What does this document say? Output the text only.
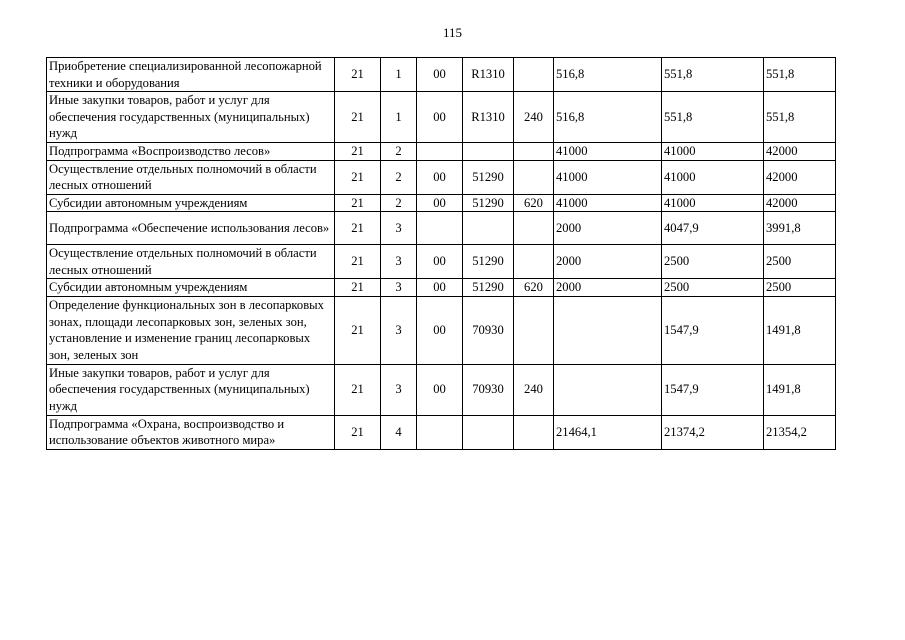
115
Приобретение специализированной лесопожарной техники и оборудования	21	1	00	R1310		516,8	551,8	551,8
Иные закупки товаров, работ и услуг для обеспечения государственных (муниципальных) нужд	21	1	00	R1310	240	516,8	551,8	551,8
Подпрограмма «Воспроизводство лесов»	21	2				41000	41000	42000
Осуществление отдельных полномочий в области лесных отношений	21	2	00	51290		41000	41000	42000
Субсидии автономным учреждениям	21	2	00	51290	620	41000	41000	42000
Подпрограмма «Обеспечение использования лесов»	21	3				2000	4047,9	3991,8
Осуществление отдельных полномочий в области лесных отношений	21	3	00	51290		2000	2500	2500
Субсидии автономным учреждениям	21	3	00	51290	620	2000	2500	2500
Определение функциональных зон в лесопарковых зонах, площади лесопарковых зон, зеленых зон, установление и изменение границ лесопарковых зон, зеленых зон	21	3	00	70930			1547,9	1491,8
Иные закупки товаров, работ и услуг для обеспечения государственных (муниципальных) нужд	21	3	00	70930	240		1547,9	1491,8
Подпрограмма «Охрана, воспроизводство и использование объектов животного мира»	21	4				21464,1	21374,2	21354,2
